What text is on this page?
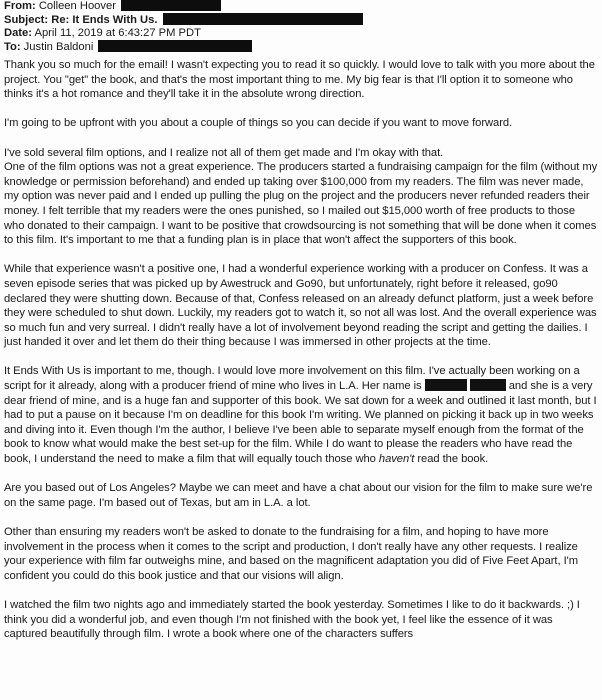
From: Colleen Hoover
Subject: Re: It Ends With Us.
Date: April 11, 2019 at 6:43:27 PM PDT
To: Justin Baldoni

Thank you so much for the email! I wasn't expecting you to read it so quickly. I would love to talk with you more about the project. You "get" the book, and that's the most important thing to me. My big fear is that I'll option it to someone who thinks it's a hot romance and they'll take it in the absolute wrong direction.

I'm going to be upfront with you about a couple of things so you can decide if you want to move forward.

I've sold several film options, and I realize not all of them get made and I'm okay with that.

One of the film options was not a great experience. The producers started a fundraising campaign for the film (without my knowledge or permission beforehand) and ended up taking over $100,000 from my readers. The film was never made, my option was never paid and I ended up pulling the plug on the project and the producers never refunded readers their money. I felt terrible that my readers were the ones punished, so I mailed out $15,000 worth of free products to those who donated to their campaign. I want to be positive that crowdsourcing is not something that will be done when it comes to this film. It's important to me that a funding plan is in place that won't affect the supporters of this book.

While that experience wasn't a positive one, I had a wonderful experience working with a producer on Confess. It was a seven episode series that was picked up by Awestruck and Go90, but unfortunately, right before it released, go90 declared they were shutting down. Because of that, Confess released on an already defunct platform, just a week before they were scheduled to shut down. Luckily, my readers got to watch it, so not all was lost. And the overall experience was so much fun and very surreal. I didn't really have a lot of involvement beyond reading the script and getting the dailies. I just handed it over and let them do their thing because I was immersed in other projects at the time.

It Ends With Us is important to me, though. I would love more involvement on this film. I've actually been working on a script for it already, along with a producer friend of mine who lives in L.A. Her name is	and she is a very dear friend of mine, and is a huge fan and supporter of this book. We sat down for a week and outlined it last month, but I had to put a pause on it because I'm on deadline for this book I'm writing. We planned on picking it back up in two weeks and diving into it. Even though I'm the author, I believe I've been able to separate myself enough from the format of the book to know what would make the best set-up for the film. While I do want to please the readers who have read the book, I understand the need to make a film that will equally touch those who haven't read the book.

Are you based out of Los Angeles? Maybe we can meet and have a chat about our vision for the film to make sure we're on the same page. I'm based out of Texas, but am in L.A. a lot.

Other than ensuring my readers won't be asked to donate to the fundraising for a film, and hoping to have more involvement in the process when it comes to the script and production, I don't really have any other requests. I realize your experience with film far outweighs mine, and based on the magnificent adaptation you did of Five Feet Apart, I'm confident you could do this book justice and that our visions will align.

I watched the film two nights ago and immediately started the book yesterday. Sometimes I like to do it backwards. ;) I think you did a wonderful job, and even though I'm not finished with the book yet, I feel like the essence of it was captured beautifully through film. I wrote a book where one of the characters suffers
